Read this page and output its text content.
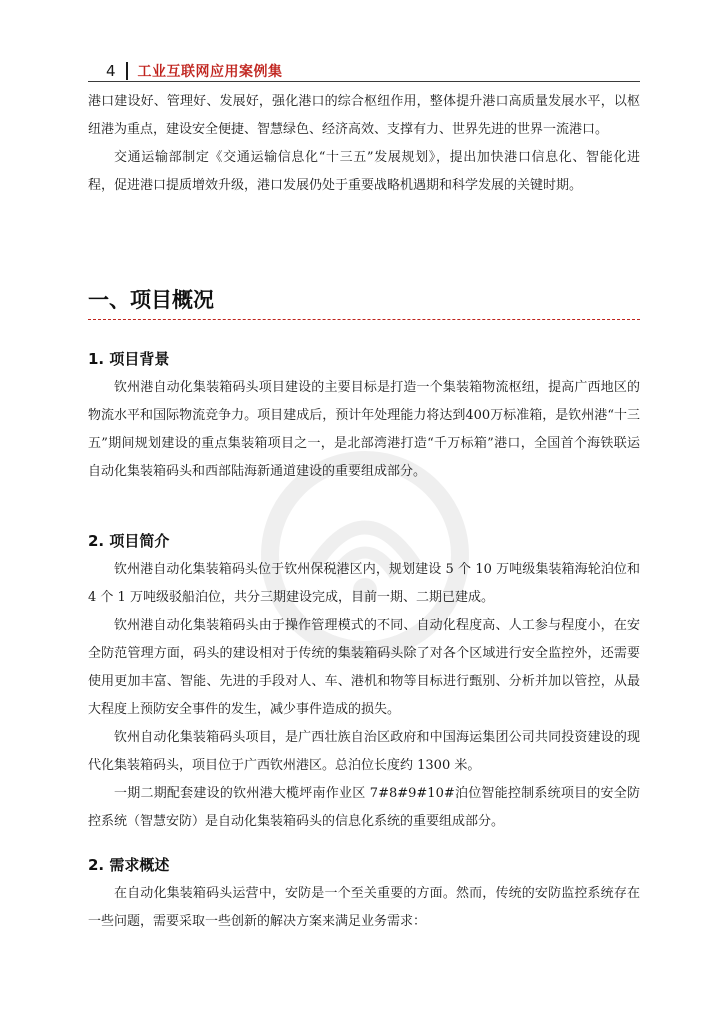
4 工业互联网应用案例集

港口建设好、管理好、发展好，强化港口的综合枢纽作用，整体提升港口高质量发展水平，以枢纽港为重点，建设安全便捷、智慧绿色、经济高效、支撑有力、世界先进的世界一流港口。

交通运输部制定《交通运输信息化“十三五”发展规划》，提出加快港口信息化、智能化进程，促进港口提质增效升级，港口发展仍处于重要战略机遇期和科学发展的关键时期。

一、项目概况
1. 项目背景

钦州港自动化集装箱码头项目建设的主要目标是打造一个集装箱物流枢纽，提高广西地区的物流水平和国际物流竞争力。项目建成后，预计年处理能力将达到400万标准箱，是钦州港“十三五”期间规划建设的重点集装箱项目之一，是北部湾港打造“千万标箱”港口，全国首个海铁联运自动化集装箱码头和西部陆海新通道建设的重要组成部分。

2. 项目简介

钦州港自动化集装箱码头位于钦州保税港区内，规划建设 5 个 10 万吨级集装箱海轮泊位和 4 个 1 万吨级驳船泊位，共分三期建设完成，目前一期、二期已建成。

钦州港自动化集装箱码头由于操作管理模式的不同、自动化程度高、人工参与程度小，在安全防范管理方面，码头的建设相对于传统的集装箱码头除了对各个区域进行安全监控外，还需要使用更加丰富、智能、先进的手段对人、车、港机和物等目标进行甄别、分析并加以管控，从最大程度上预防安全事件的发生，减少事件造成的损失。

钦州自动化集装箱码头项目，是广西壮族自治区政府和中国海运集团公司共同投资建设的现代化集装箱码头，项目位于广西钦州港区。总泊位长度约 1300 米。

一期二期配套建设的钦州港大榄坪南作业区 7#8#9#10#泊位智能控制系统项目的安全防控系统（智慧安防）是自动化集装箱码头的信息化系统的重要组成部分。

2. 需求概述

在自动化集装箱码头运营中，安防是一个至关重要的方面。然而，传统的安防监控系统存在一些问题，需要采取一些创新的解决方案来满足业务需求：
